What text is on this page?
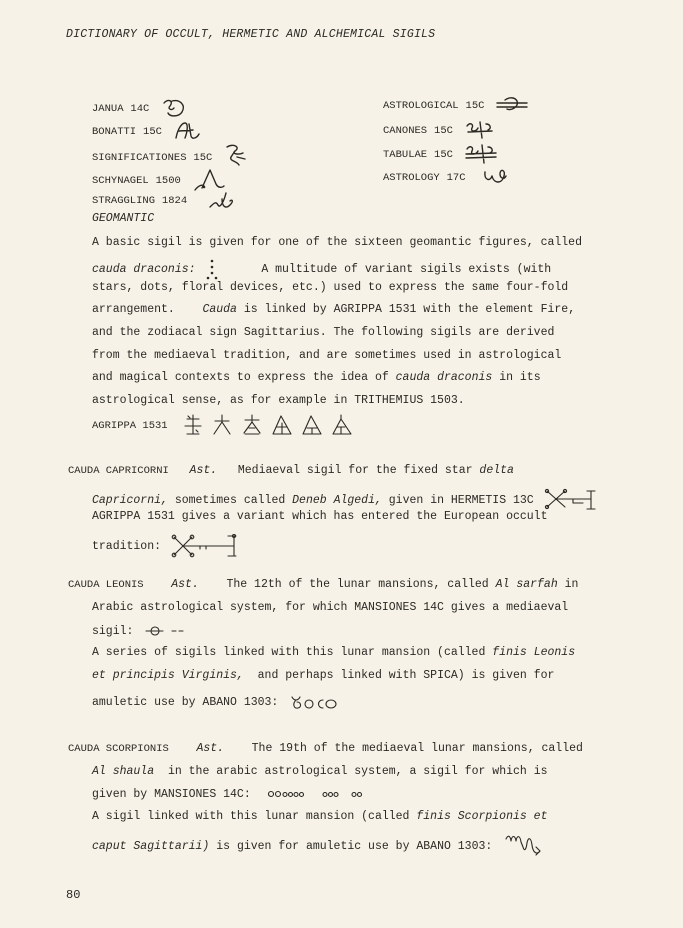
DICTIONARY OF OCCULT, HERMETIC AND ALCHEMICAL SIGILS
JANUA 14C
BONATTI 15C
SIGNIFICATIONES 15C
SCHYNAGEL 1500
STRAGGLING 1824
ASTROLOGICAL 15C
CANONES 15C
TABULAE 15C
ASTROLOGY 17C
GEOMANTIC
A basic sigil is given for one of the sixteen geomantic figures, called
cauda draconis:	A multitude of variant sigils exists (with
stars, dots, floral devices, etc.) used to express the same four-fold
arrangement. Cauda is linked by AGRIPPA 1531 with the element Fire,
and the zodiacal sign Sagittarius. The following sigils are derived
from the mediaeval tradition, and are sometimes used in astrological
and magical contexts to express the idea of cauda draconis in its
astrological sense, as for example in TRITHEMIUS 1503.
AGRIPPA 1531
CAUDA CAPRICORNI Ast. Mediaeval sigil for the fixed star delta
Capricorni, sometimes called Deneb Algedi, given in HERMETIS 13C
AGRIPPA 1531 gives a variant which has entered the European occult
tradition:
CAUDA LEONIS Ast. The 12th of the lunar mansions, called Al sarfah in
Arabic astrological system, for which MANSIONES 14C gives a mediaeval
sigil:
A series of sigils linked with this lunar mansion (called finis Leonis
et principis Virginis, and perhaps linked with SPICA) is given for
amuletic use by ABANO 1303:
CAUDA SCORPIONIS Ast. The 19th of the mediaeval lunar mansions, called
Al shaula in the arabic astrological system, a sigil for which is
given by MANSIONES 14C:
A sigil linked with this lunar mansion (called finis Scorpionis et
caput Sagittarii) is given for amuletic use by ABANO 1303:
80
